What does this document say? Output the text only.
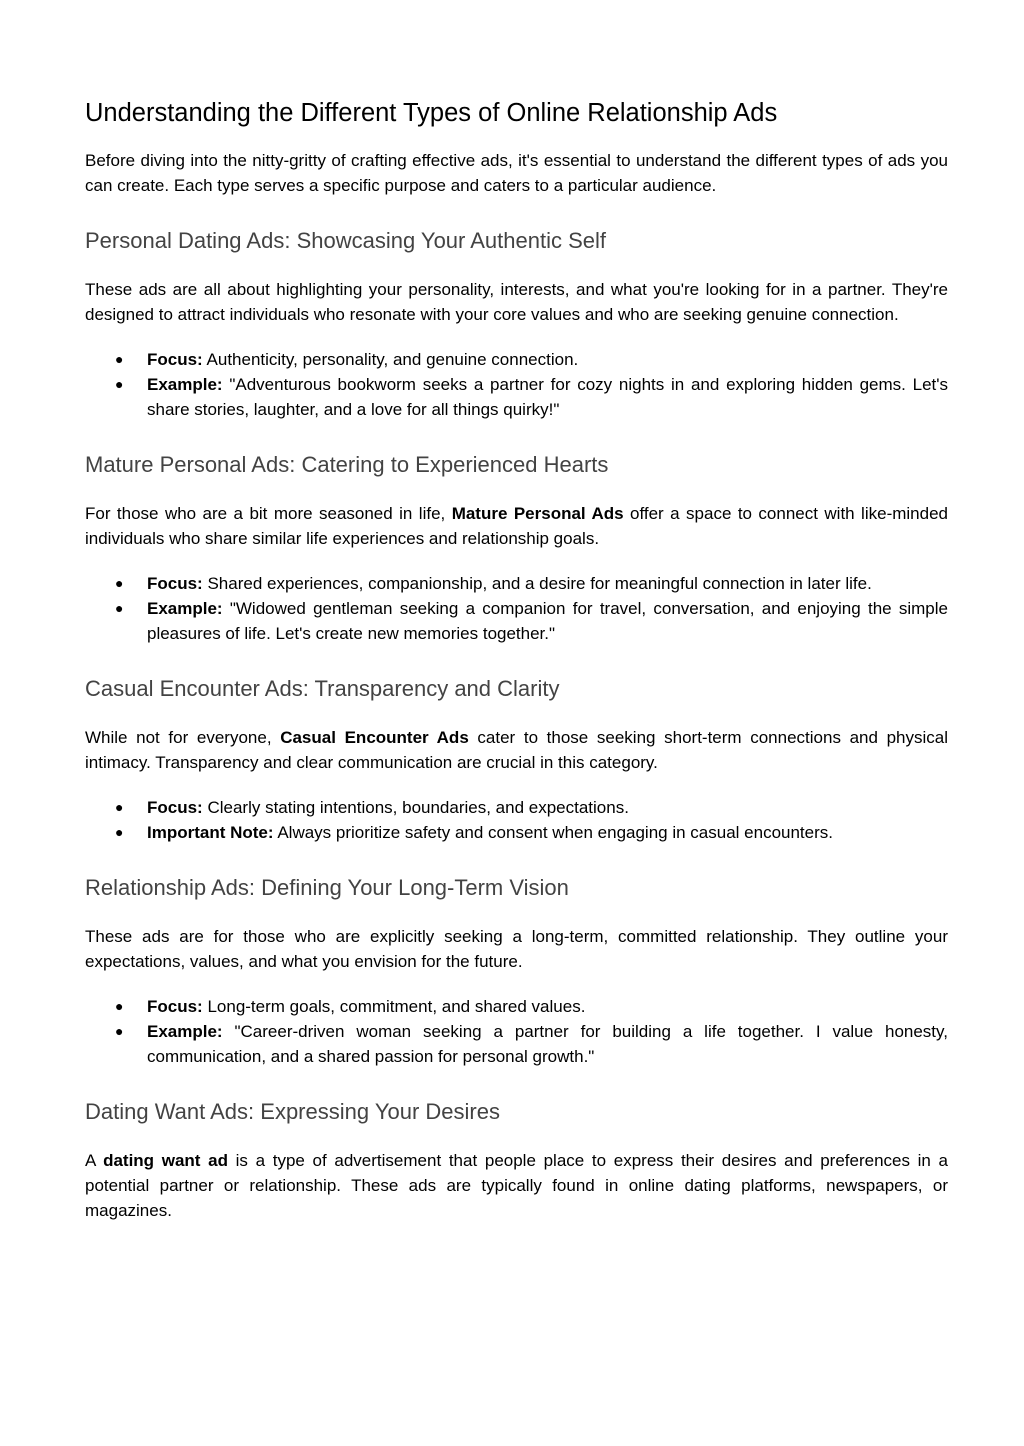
Understanding the Different Types of Online Relationship Ads

Before diving into the nitty-gritty of crafting effective ads, it's essential to understand the different types of ads you can create. Each type serves a specific purpose and caters to a particular audience.

Personal Dating Ads: Showcasing Your Authentic Self

These ads are all about highlighting your personality, interests, and what you're looking for in a partner. They're designed to attract individuals who resonate with your core values and who are seeking genuine connection.

● Focus: Authenticity, personality, and genuine connection.
● Example: "Adventurous bookworm seeks a partner for cozy nights in and exploring hidden gems. Let's share stories, laughter, and a love for all things quirky!"
Mature Personal Ads: Catering to Experienced Hearts

For those who are a bit more seasoned in life, Mature Personal Ads offer a space to connect with like-minded individuals who share similar life experiences and relationship goals.

● Focus: Shared experiences, companionship, and a desire for meaningful connection in later life.
● Example: "Widowed gentleman seeking a companion for travel, conversation, and enjoying the simple pleasures of life. Let's create new memories together."
Casual Encounter Ads: Transparency and Clarity

While not for everyone, Casual Encounter Ads cater to those seeking short-term connections and physical intimacy. Transparency and clear communication are crucial in this category.

● Focus: Clearly stating intentions, boundaries, and expectations.
● Important Note: Always prioritize safety and consent when engaging in casual encounters.
Relationship Ads: Defining Your Long-Term Vision

These ads are for those who are explicitly seeking a long-term, committed relationship. They outline your expectations, values, and what you envision for the future.

● Focus: Long-term goals, commitment, and shared values.
● Example: "Career-driven woman seeking a partner for building a life together. I value honesty, communication, and a shared passion for personal growth."
Dating Want Ads: Expressing Your Desires

A dating want ad is a type of advertisement that people place to express their desires and preferences in a potential partner or relationship. These ads are typically found in online dating platforms, newspapers, or magazines.
